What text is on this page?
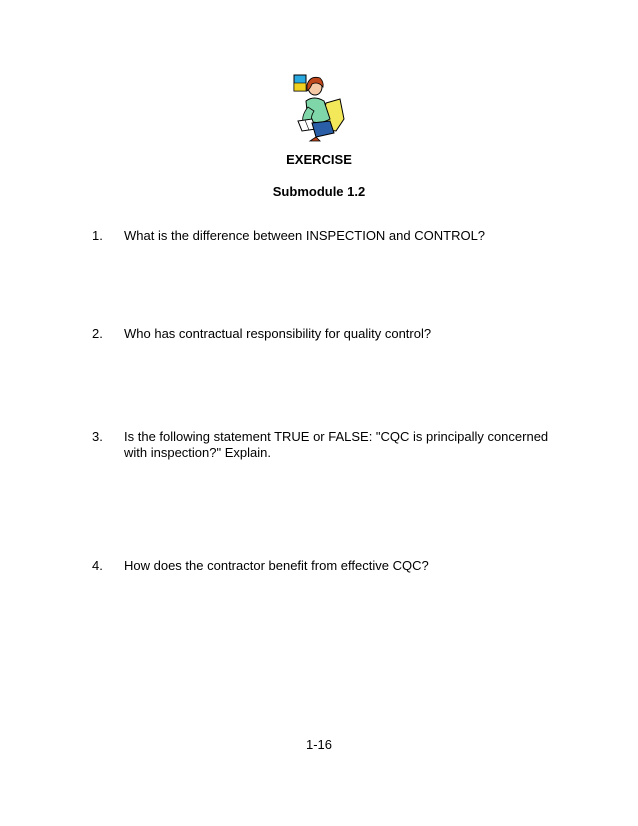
EXERCISE
Submodule 1.2
1. What is the difference between INSPECTION and CONTROL?
2. Who has contractual responsibility for quality control?
3. Is the following statement TRUE or FALSE: "CQC is principally concerned with inspection?" Explain.
4. How does the contractor benefit from effective CQC?
1-16
